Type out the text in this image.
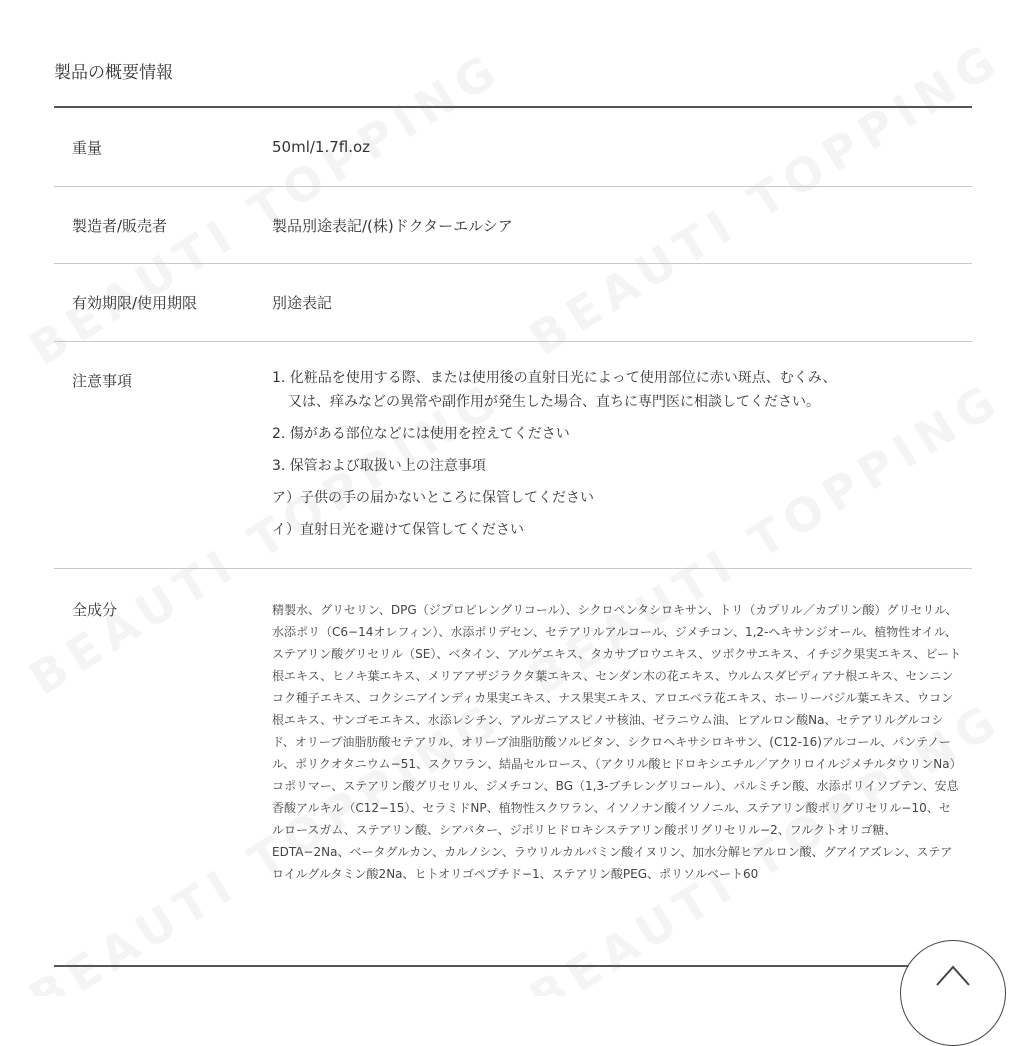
製品の概要情報
重量	50ml/1.7fl.oz
製造者/販売者	製品別途表記/(株)ドクターエルシア
有効期限/使用期限	別途表記
注意事項	1. 化粧品を使用する際、または使用後の直射日光によって使用部位に赤い斑点、むくみ、
又は、痒みなどの異常や副作用が発生した場合、直ちに専門医に相談してください。
2. 傷がある部位などには使用を控えてください
3. 保管および取扱い上の注意事項
ア）子供の手の届かないところに保管してください
イ）直射日光を避けて保管してください
全成分	精製水、グリセリン、DPG（ジプロピレングリコール）、シクロペンタシロキサン、トリ（カプリル／カプリン酸）グリセリル、水添ポリ（C6−14オレフィン）、水添ポリデセン、セテアリルアルコール、ジメチコン、1,2-ヘキサンジオール、植物性オイル、ステアリン酸グリセリル（SE）、ベタイン、アルゲエキス、タカサブロウエキス、ツボクサエキス、イチジク果実エキス、ビート根エキス、ヒノキ葉エキス、メリアアザジラクタ葉エキス、センダン木の花エキス、ウルムスダビディアナ根エキス、センニンコク種子エキス、コクシニアインディカ果実エキス、ナス果実エキス、アロエベラ花エキス、ホーリーバジル葉エキス、ウコン根エキス、サンゴモエキス、水添レシチン、アルガニアスピノサ核油、ゼラニウム油、ヒアルロン酸Na、セテアリルグルコシド、オリーブ油脂肪酸セテアリル、オリーブ油脂肪酸ソルビタン、シクロヘキサシロキサン、(C12-16)アルコール、パンテノール、ポリクオタニウム−51、スクワラン、結晶セルロース、（アクリル酸ヒドロキシエチル／アクリロイルジメチルタウリンNa）コポリマー、ステアリン酸グリセリル、ジメチコン、BG（1,3-ブチレングリコール）、パルミチン酸、水添ポリイソブテン、安息香酸アルキル（C12−15）、セラミドNP、植物性スクワラン、イソノナン酸イソノニル、ステアリン酸ポリグリセリル−10、セルロースガム、ステアリン酸、シアバター、ジポリヒドロキシステアリン酸ポリグリセリル−2、フルクトオリゴ糖、EDTA−2Na、ベータグルカン、カルノシン、ラウリルカルバミン酸イヌリン、加水分解ヒアルロン酸、グアイアズレン、ステアロイルグルタミン酸2Na、ヒトオリゴペプチド−1、ステアリン酸PEG、ポリソルベート60
